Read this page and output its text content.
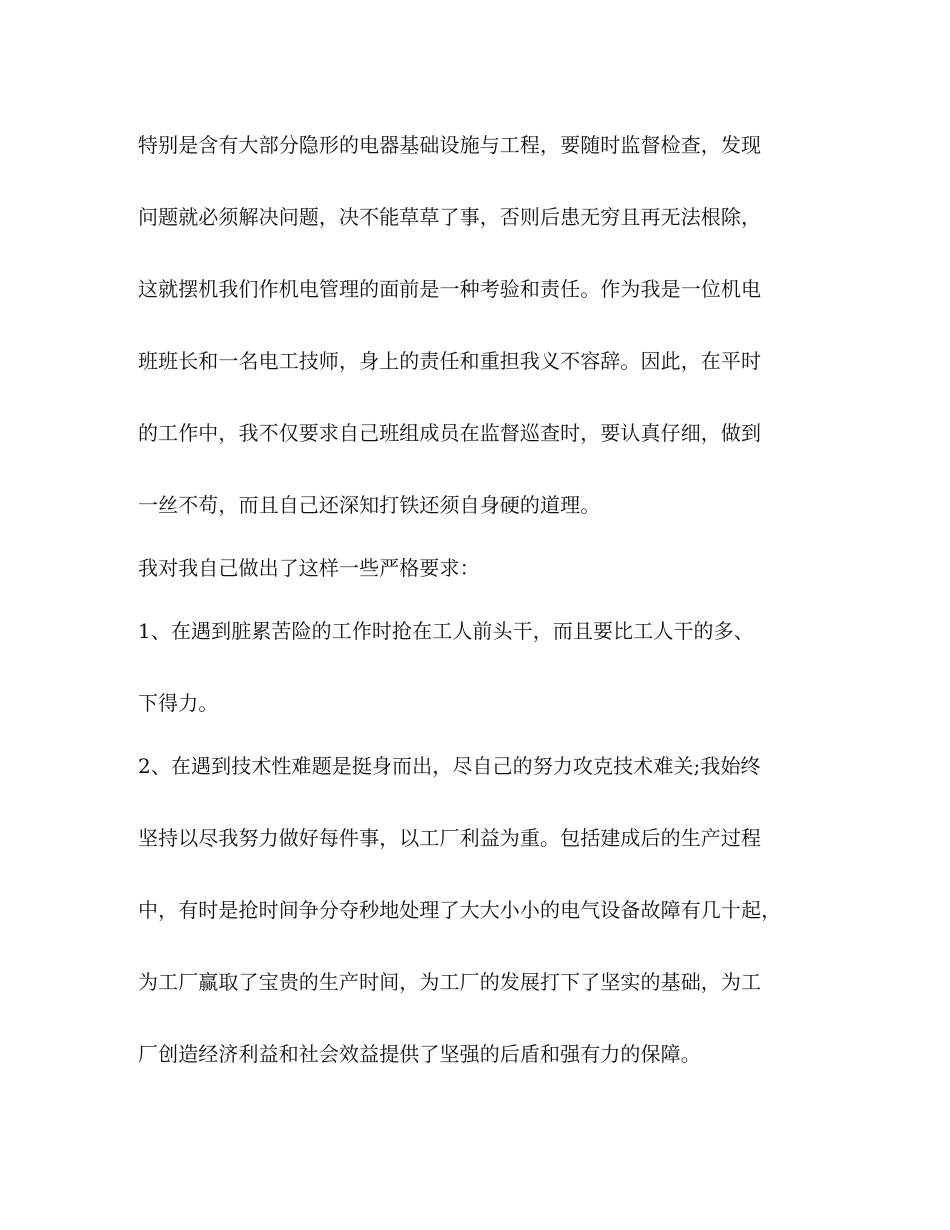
特别是含有大部分隐形的电器基础设施与工程，要随时监督检查，发现
问题就必须解决问题，决不能草草了事，否则后患无穷且再无法根除，
这就摆机我们作机电管理的面前是一种考验和责任。作为我是一位机电
班班长和一名电工技师，身上的责任和重担我义不容辞。因此，在平时
的工作中，我不仅要求自己班组成员在监督巡查时，要认真仔细，做到
一丝不苟，而且自己还深知打铁还须自身硬的道理。
我对我自己做出了这样一些严格要求：
1、在遇到脏累苦险的工作时抢在工人前头干，而且要比工人干的多、
下得力。
2、在遇到技术性难题是挺身而出，尽自己的努力攻克技术难关;我始终
坚持以尽我努力做好每件事，以工厂利益为重。包括建成后的生产过程
中，有时是抢时间争分夺秒地处理了大大小小的电气设备故障有几十起，
为工厂赢取了宝贵的生产时间，为工厂的发展打下了坚实的基础，为工
厂创造经济利益和社会效益提供了坚强的后盾和强有力的保障。
